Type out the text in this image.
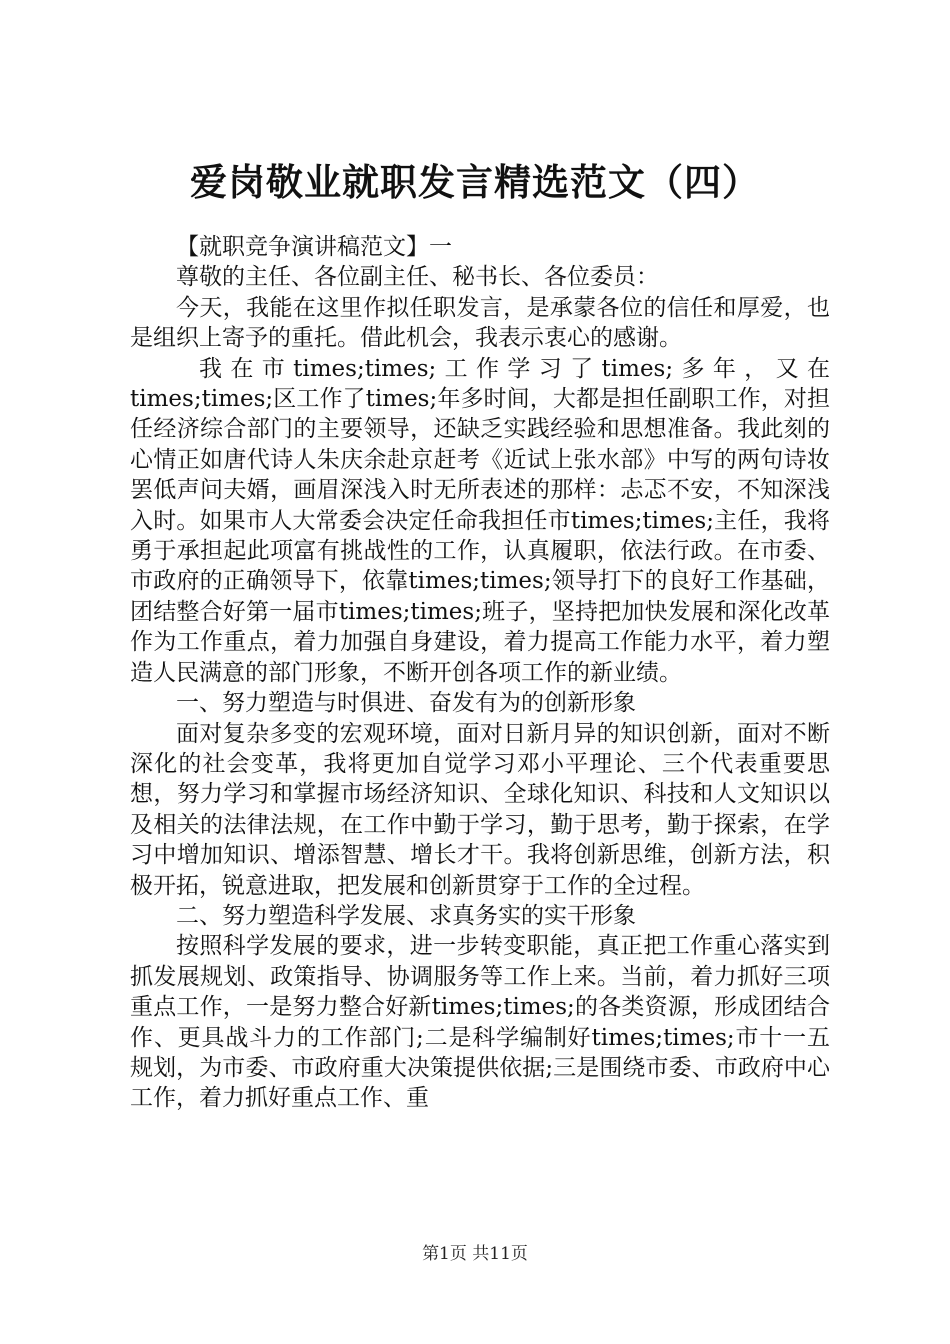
爱岗敬业就职发言精选范文（四）

【就职竞争演讲稿范文】一

尊敬的主任、各位副主任、秘书长、各位委员：

今天，我能在这里作拟任职发言，是承蒙各位的信任和厚爱，也是组织上寄予的重托。借此机会，我表示衷心的感谢。

我在市times;times;工作学习了times;多年，又在times;times;区工作了times;年多时间，大都是担任副职工作，对担任经济综合部门的主要领导，还缺乏实践经验和思想准备。我此刻的心情正如唐代诗人朱庆余赴京赶考《近试上张水部》中写的两句诗妆罢低声问夫婿，画眉深浅入时无所表述的那样：忐忑不安，不知深浅入时。如果市人大常委会决定任命我担任市times;times;主任，我将勇于承担起此项富有挑战性的工作，认真履职，依法行政。在市委、市政府的正确领导下，依靠times;times;领导打下的良好工作基础，团结整合好第一届市times;times;班子，坚持把加快发展和深化改革作为工作重点，着力加强自身建设，着力提高工作能力水平，着力塑造人民满意的部门形象，不断开创各项工作的新业绩。

一、努力塑造与时俱进、奋发有为的创新形象

面对复杂多变的宏观环境，面对日新月异的知识创新，面对不断深化的社会变革，我将更加自觉学习邓小平理论、三个代表重要思想，努力学习和掌握市场经济知识、全球化知识、科技和人文知识以及相关的法律法规，在工作中勤于学习，勤于思考，勤于探索，在学习中增加知识、增添智慧、增长才干。我将创新思维，创新方法，积极开拓，锐意进取，把发展和创新贯穿于工作的全过程。

二、努力塑造科学发展、求真务实的实干形象

按照科学发展的要求，进一步转变职能，真正把工作重心落实到抓发展规划、政策指导、协调服务等工作上来。当前，着力抓好三项重点工作，一是努力整合好新times;times;的各类资源，形成团结合作、更具战斗力的工作部门;二是科学编制好times;times;市十一五规划，为市委、市政府重大决策提供依据;三是围绕市委、市政府中心工作，着力抓好重点工作、重

第1页 共11页
